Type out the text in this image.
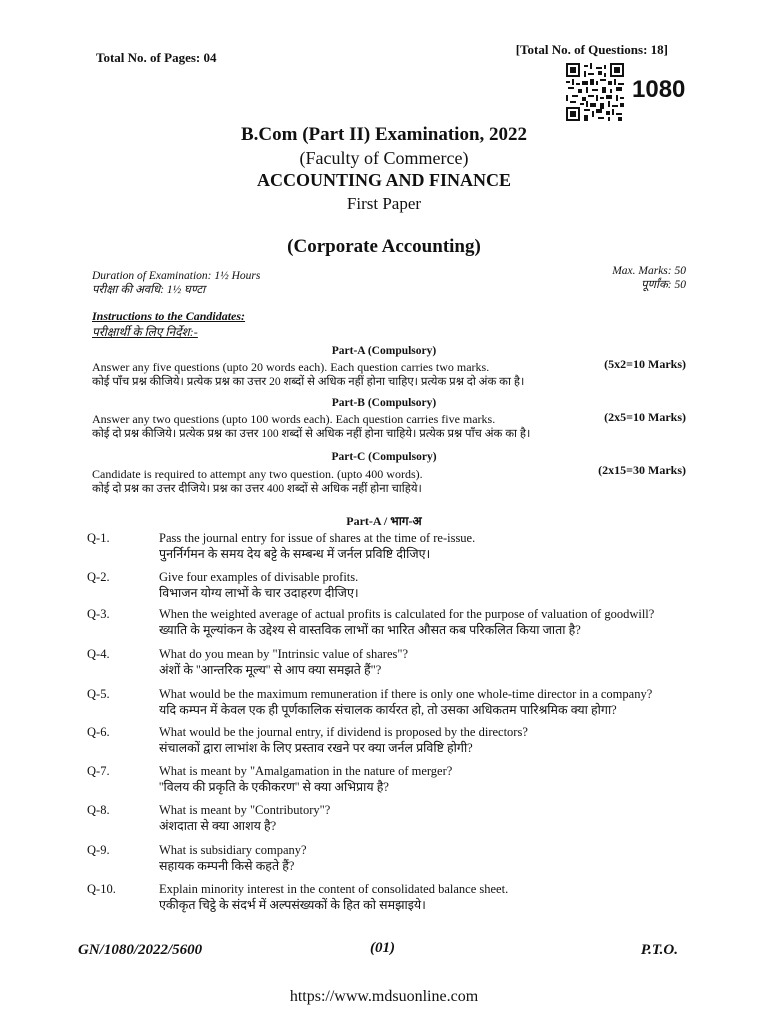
Total No. of Pages: 04
[Total No. of Questions: 18]
1080
B.Com (Part II) Examination, 2022
(Faculty of Commerce)
ACCOUNTING AND FINANCE
First Paper
(Corporate Accounting)
Duration of Examination: 1½ Hours
परीक्षा की अवधि: 1½ घण्टा
Max. Marks: 50
पूर्णांक: 50
Instructions to the Candidates:
परीक्षार्थी के लिए निर्देश:-
Part-A (Compulsory)
Answer any five questions (upto 20 words each). Each question carries two marks.	(5x2=10 Marks)
कोई पाँच प्रश्न कीजिये। प्रत्येक प्रश्न का उत्तर 20 शब्दों से अधिक नहीं होना चाहिए। प्रत्येक प्रश्न दो अंक का है।
Part-B (Compulsory)
Answer any two questions (upto 100 words each). Each question carries five marks.	(2x5=10 Marks)
कोई दो प्रश्न कीजिये। प्रत्येक प्रश्न का उत्तर 100 शब्दों से अधिक नहीं होना चाहिये। प्रत्येक प्रश्न पाँच अंक का है।
Part-C (Compulsory)
Candidate is required to attempt any two question. (upto 400 words).	(2x15=30 Marks)
कोई दो प्रश्न का उत्तर दीजिये। प्रश्न का उत्तर 400 शब्दों से अधिक नहीं होना चाहिये।
Part-A / भाग-अ
Q-1.	Pass the journal entry for issue of shares at the time of re-issue.
पुनर्निर्गमन के समय देय बट्टे के सम्बन्ध में जर्नल प्रविष्टि दीजिए।
Q-2.	Give four examples of divisable profits.
विभाजन योग्य लाभों के चार उदाहरण दीजिए।
Q-3.	When the weighted average of actual profits is calculated for the purpose of valuation of goodwill?
ख्याति के मूल्यांकन के उद्देश्य से वास्तविक लाभों का भारित औसत कब परिकलित किया जाता है?
Q-4.	What do you mean by "Intrinsic value of shares"?
अंशों के ''आन्तरिक मूल्य'' से आप क्या समझते हैं"?
Q-5.	What would be the maximum remuneration if there is only one whole-time director in a company?
यदि कम्पन में केवल एक ही पूर्णकालिक संचालक कार्यरत हो, तो उसका अधिकतम पारिश्रमिक क्या होगा?
Q-6.	What would be the journal entry, if dividend is proposed by the directors?
संचालकों द्वारा लाभांश के लिए प्रस्ताव रखने पर क्या जर्नल प्रविष्टि होगी?
Q-7.	What is meant by "Amalgamation in the nature of merger?
''विलय की प्रकृति के एकीकरण'' से क्या अभिप्राय है?
Q-8.	What is meant by "Contributory"?
अंशदाता से क्या आशय है?
Q-9.	What is subsidiary company?
सहायक कम्पनी किसे कहते हैं?
Q-10.	Explain minority interest in the content of consolidated balance sheet.
एकीकृत चिट्ठे के संदर्भ में अल्पसंख्यकों के हित को समझाइये।
GN/1080/2022/5600	(01)	P.T.O.
https://www.mdsuonline.com
